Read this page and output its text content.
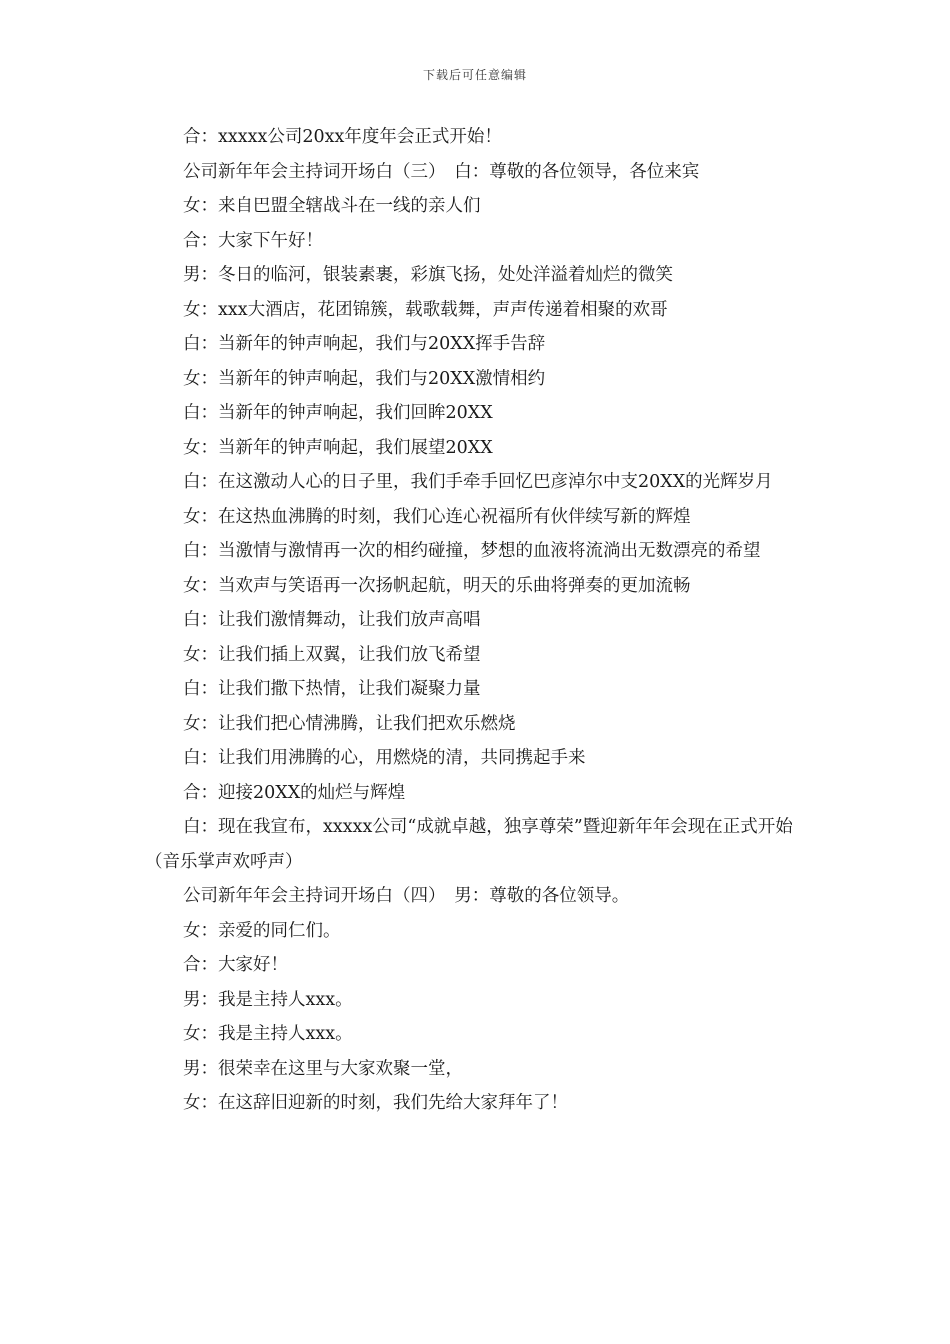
下载后可任意编辑

合：xxxxx公司20xx年度年会正式开始！

公司新年年会主持词开场白（三）　白：尊敬的各位领导，各位来宾

女：来自巴盟全辖战斗在一线的亲人们

合：大家下午好！

男：冬日的临河，银装素裹，彩旗飞扬，处处洋溢着灿烂的微笑

女：xxx大酒店，花团锦簇，载歌载舞，声声传递着相聚的欢哥

白：当新年的钟声响起，我们与20XX挥手告辞

女：当新年的钟声响起，我们与20XX激情相约

白：当新年的钟声响起，我们回眸20XX

女：当新年的钟声响起，我们展望20XX

白：在这激动人心的日子里，我们手牵手回忆巴彦淖尔中支20XX的光辉岁月

女：在这热血沸腾的时刻，我们心连心祝福所有伙伴续写新的辉煌

白：当激情与激情再一次的相约碰撞，梦想的血液将流淌出无数漂亮的希望

女：当欢声与笑语再一次扬帆起航，明天的乐曲将弹奏的更加流畅

白：让我们激情舞动，让我们放声高唱

女：让我们插上双翼，让我们放飞希望

白：让我们撒下热情，让我们凝聚力量

女：让我们把心情沸腾，让我们把欢乐燃烧

白：让我们用沸腾的心，用燃烧的清，共同携起手来

合：迎接20XX的灿烂与辉煌

白：现在我宣布，xxxxx公司“成就卓越，独享尊荣”暨迎新年年会现在正式开始（音乐掌声欢呼声）

公司新年年会主持词开场白（四）　男：尊敬的各位领导。

女：亲爱的同仁们。

合：大家好！

男：我是主持人xxx。

女：我是主持人xxx。

男：很荣幸在这里与大家欢聚一堂，

女：在这辞旧迎新的时刻，我们先给大家拜年了！
